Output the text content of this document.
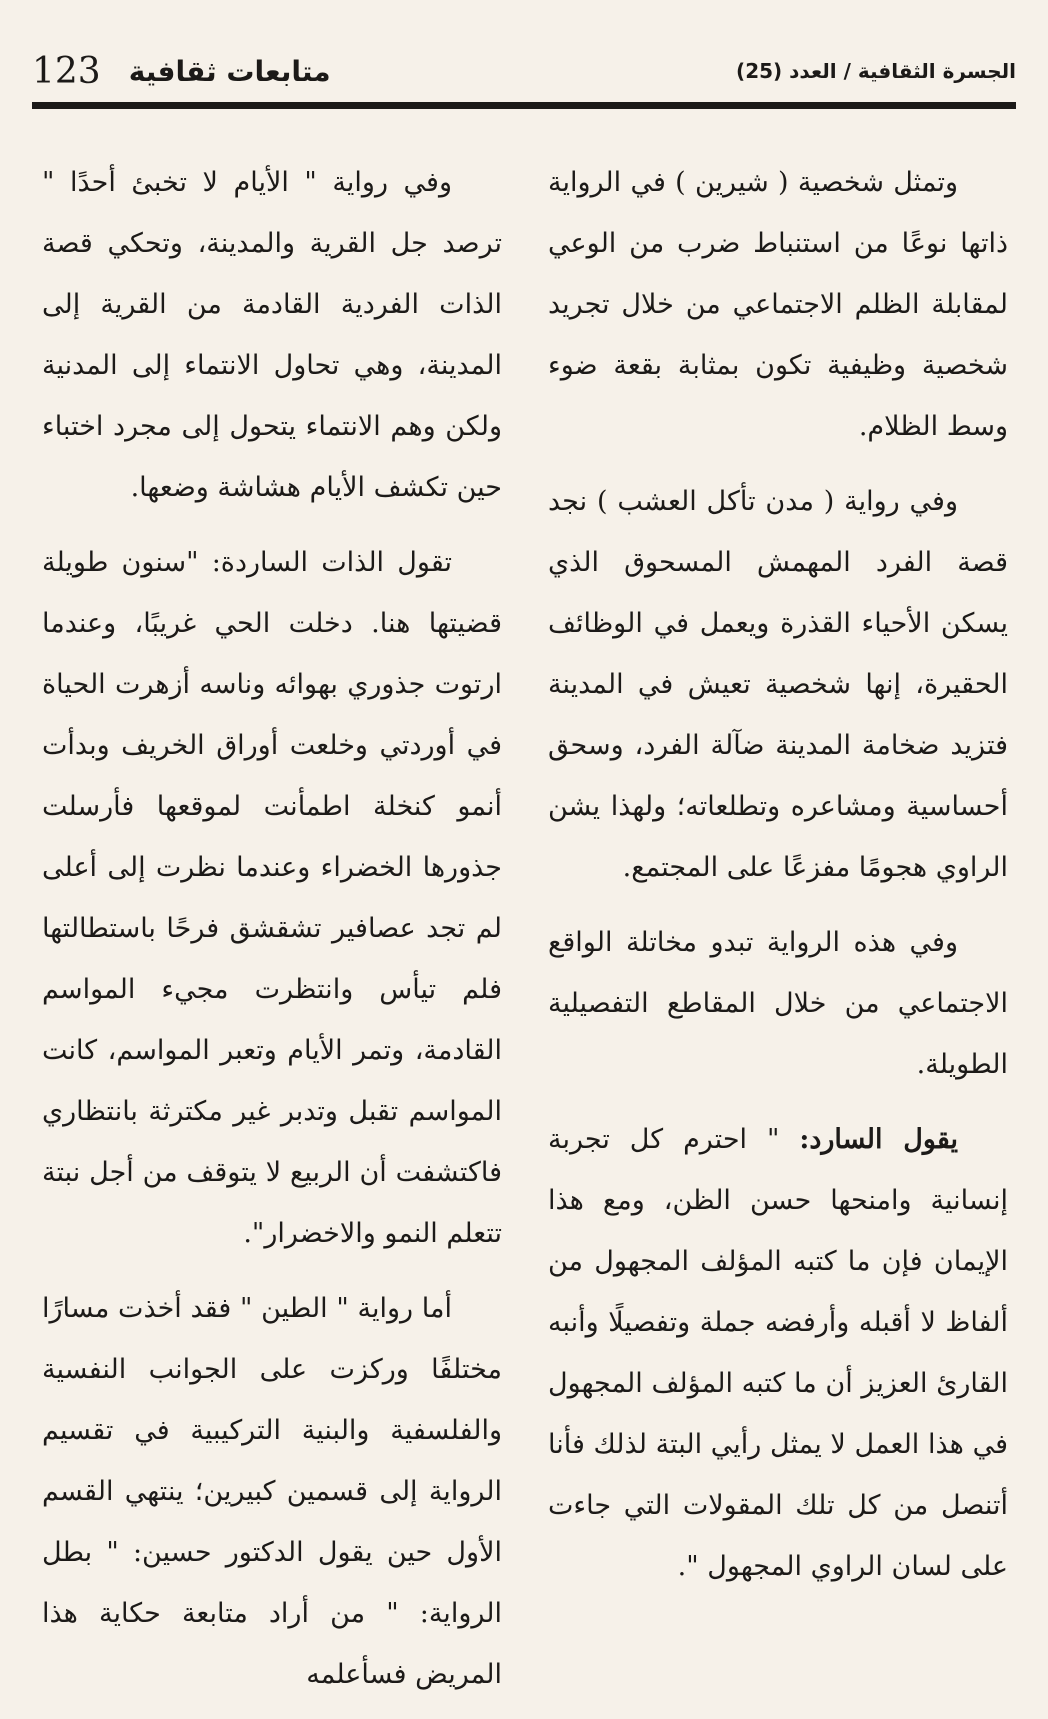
123 متابعات ثقافية	الجسرة الثقافية / العدد (25)

وتمثل شخصية ( شيرين ) في الرواية ذاتها نوعًا من استنباط ضرب من الوعي لمقابلة الظلم الاجتماعي من خلال تجريد شخصية وظيفية تكون بمثابة بقعة ضوء وسط الظلام.

وفي رواية ( مدن تأكل العشب ) نجد قصة الفرد المهمش المسحوق الذي يسكن الأحياء القذرة ويعمل في الوظائف الحقيرة، إنها شخصية تعيش في المدينة فتزيد ضخامة المدينة ضآلة الفرد، وسحق أحساسية ومشاعره وتطلعاته؛ ولهذا يشن الراوي هجومًا مفزعًا على المجتمع.

وفي هذه الرواية تبدو مخاتلة الواقع الاجتماعي من خلال المقاطع التفصيلية الطويلة.

يقول السارد: " احترم كل تجربة إنسانية وامنحها حسن الظن، ومع هذا الإيمان فإن ما كتبه المؤلف المجهول من ألفاظ لا أقبله وأرفضه جملة وتفصيلًا وأنبه القارئ العزيز أن ما كتبه المؤلف المجهول في هذا العمل لا يمثل رأيي البتة لذلك فأنا أتنصل من كل تلك المقولات التي جاءت على لسان الراوي المجهول ".

وفي رواية " الأيام لا تخبئ أحدًا " ترصد جل القرية والمدينة، وتحكي قصة الذات الفردية القادمة من القرية إلى المدينة، وهي تحاول الانتماء إلى المدنية ولكن وهم الانتماء يتحول إلى مجرد اختباء حين تكشف الأيام هشاشة وضعها.

تقول الذات الساردة: "سنون طويلة قضيتها هنا. دخلت الحي غريبًا، وعندما ارتوت جذوري بهوائه وناسه أزهرت الحياة في أوردتي وخلعت أوراق الخريف وبدأت أنمو كنخلة اطمأنت لموقعها فأرسلت جذورها الخضراء وعندما نظرت إلى أعلى لم تجد عصافير تشقشق فرحًا باستطالتها فلم تيأس وانتظرت مجيء المواسم القادمة، وتمر الأيام وتعبر المواسم، كانت المواسم تقبل وتدبر غير مكترثة بانتظاري فاكتشفت أن الربيع لا يتوقف من أجل نبتة تتعلم النمو والاخضرار".

أما رواية " الطين " فقد أخذت مسارًا مختلفًا وركزت على الجوانب النفسية والفلسفية والبنية التركيبية في تقسيم الرواية إلى قسمين كبيرين؛ ينتهي القسم الأول حين يقول الدكتور حسين: " بطل الرواية: " من أراد متابعة حكاية هذا المريض فسأعلمه
